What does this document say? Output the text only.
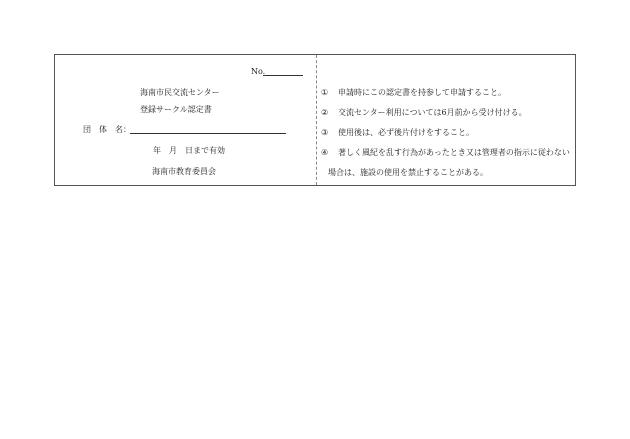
No.
海南市民交流センター
登録サークル認定書
団　体　名：
年　月　日まで有効
海南市教育委員会
① 申請時にこの認定書を持参して申請すること。
② 交流センター利用については6月前から受け付ける。
③ 使用後は、必ず後片付けをすること。
④ 著しく風紀を乱す行為があったとき又は管理者の指示に従わない
場合は、施設の使用を禁止することがある。
